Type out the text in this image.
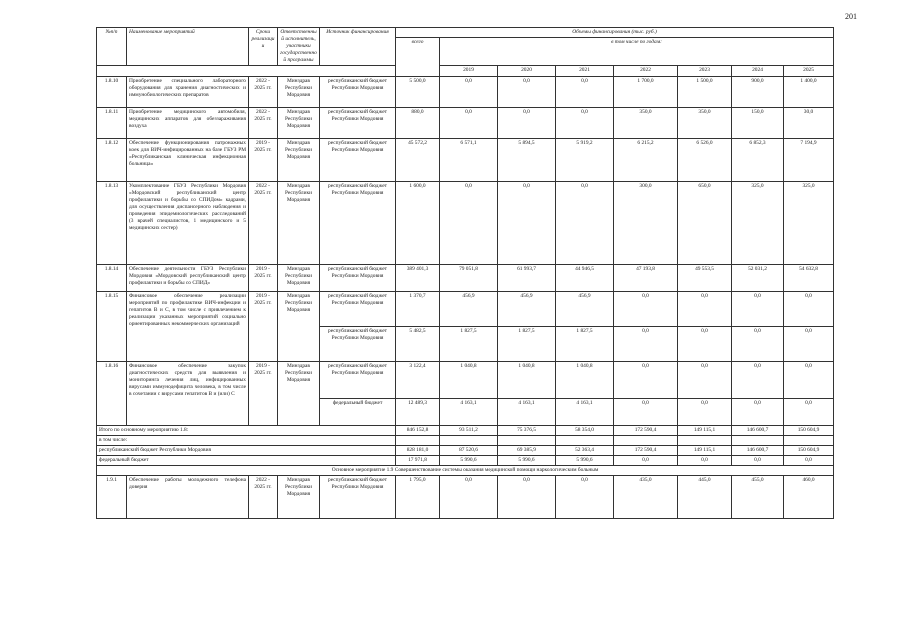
201
№п/п	Наименование мероприятий	Сроки реализации	Ответственный исполнитель, участники государственной программы	Источник финансирования	Объемы финансирования (тыс. руб.)							
					всего	в том числе по годам:						
						2019	2020	2021	2022	2023	2024	2025
1.8.10	Приобретение специального лабораторного оборудования для хранения диагностических и иммунобиологических препаратов	2022 - 2025 гг.	Минздрав Республики Мордовия	республиканский бюджет Республики Мордовия	5 500,0	0,0	0,0	0,0	1 700,0	1 500,0	900,0	1 400,0
1.8.11	Приобретение медицинского автомобиля, медицинских аппаратов для обеззараживания воздуха	2022 - 2025 гг.	Минздрав Республики Мордовия	республиканский бюджет Республики Мордовия	880,0	0,0	0,0	0,0	350,0	350,0	150,0	30,0
1.8.12	Обеспечение функционирования патронажных коек для ВИЧ-инфицированных на базе ГБУЗ РМ «Республиканская клиническая инфекционная больница»	2019 - 2025 гг.	Минздрав Республики Мордовия	республиканский бюджет Республики Мордовия	45 572,2	6 571,1	5 894,5	5 919,2	6 215,2	6 526,0	6 852,3	7 194,9
1.8.13	Укомплектование ГБУЗ Республики Мордовия «Мордовский республиканский центр профилактики и борьбы со СПИДом» кадрами, для осуществления диспансерного наблюдения и проведения эпидемиологических расследований (3 врачей специалистов, 1 медицинского и 5 медицинских сестер)	2022 - 2025 гг.	Минздрав Республики Мордовия	республиканский бюджет Республики Мордовия	1 600,0	0,0	0,0	0,0	300,0	650,0	325,0	325,0
1.8.14	Обеспечение деятельности ГБУЗ Республики Мордовия «Мордовский республиканский центр профилактики и борьбы со СПИД»	2019 - 2025 гг.	Минздрав Республики Мордовия	республиканский бюджет Республики Мордовия	389 401,3	79 051,8	61 993,7	44 946,5	47 193,8	49 553,5	52 031,2	54 632,8
1.8.15	Финансовое обеспечение реализации мероприятий по профилактике ВИЧ-инфекции и гепатитов В и С, в том числе с привлечением к реализации указанных мероприятий социально ориентированных некоммерческих организаций	2019 - 2025 гг.	Минздрав Республики Мордовия	республиканский бюджет Республики Мордовия	1 370,7	456,9	456,9	456,9	0,0	0,0	0,0	0,0
				республиканский бюджет Республики Мордовия	5 482,5	1 827,5	1 827,5	1 827,5	0,0	0,0	0,0	0,0
1.8.16	Финансовое обеспечение закупок диагностических средств для выявления и мониторинга лечения лиц, инфицированных вирусами иммунодефицита человека, в том числе в сочетании с вирусами гепатитов В и (или) С	2019 - 2025 гг.	Минздрав Республики Мордовия	республиканский бюджет Республики Мордовия	3 122,4	1 040,8	1 040,8	1 040,8	0,0	0,0	0,0	0,0
				федеральный бюджет	12 489,3	4 163,1	4 163,1	4 163,1	0,0	0,0	0,0	0,0
Итого по основному мероприятию 1.8:					846 152,8	93 511,2	75 376,5	58 354,0	172 590,4	149 115,1	146 600,7	150 604,9
в том числе:												
республиканский бюджет Республики Мордовия					828 181,0	87 520,6	69 385,9	52 363,4	172 590,4	149 115,1	146 600,7	150 604,9
федеральный бюджет					17 971,8	5 990,6	5 990,6	5 990,6	0,0	0,0	0,0	0,0
Основное мероприятие 1.9 Совершенствование системы оказания медицинской помощи наркологическим больным												
1.9.1	Обеспечение работы молодежного телефона доверия	2022 - 2025 гг.	Минздрав Республики Мордовия	республиканский бюджет Республики Мордовия	1 795,0	0,0	0,0	0,0	435,0	445,0	455,0	460,0
